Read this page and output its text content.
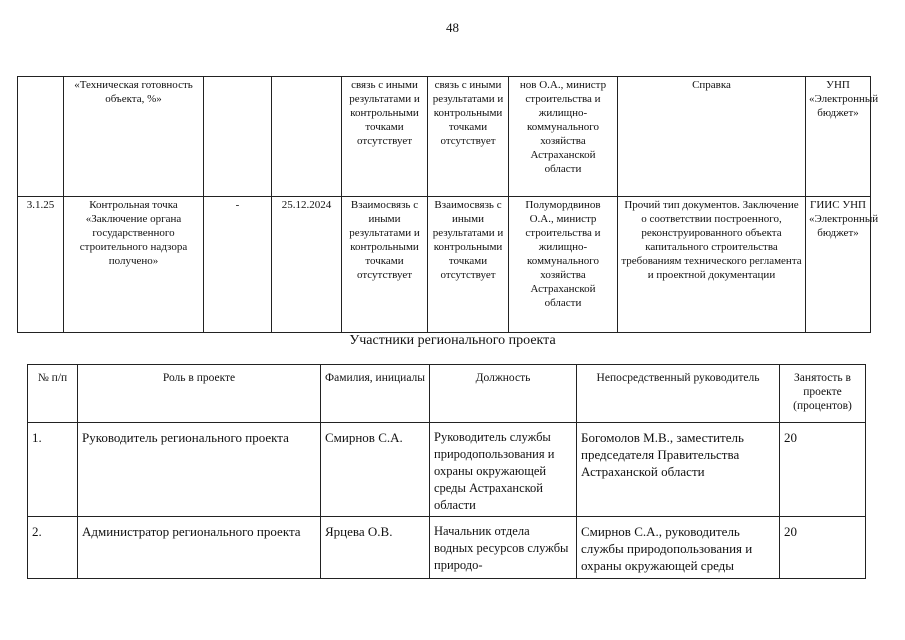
48
	«Техническая готовность объекта, %»			связь с иными результатами и контрольными точками отсутствует	связь с иными результатами и контрольными точками отсутствует	нов О.А., министр строительства и жилищно-коммунального хозяйства Астраханской области	Справка	УНП «Электронный бюджет»
3.1.25	Контрольная точка «Заключение органа государственного строительного надзора получено»	-	25.12.2024	Взаимосвязь с иными результатами и контрольными точками отсутствует	Взаимосвязь с иными результатами и контрольными точками отсутствует	Полумордвинов О.А., министр строительства и жилищно-коммунального хозяйства Астраханской области	Прочий тип документов. Заключение о соответствии построенного, реконструированного объекта капитального строительства требованиям технического регламента и проектной документации	ГИИС УНП «Электронный бюджет»
Участники регионального проекта
№ п/п	Роль в проекте	Фамилия, инициалы	Должность	Непосредственный руководитель	Занятость в проекте (процентов)
1.	Руководитель регионального проекта	Смирнов С.А.	Руководитель службы природопользования и охраны окружающей среды Астраханской области	Богомолов М.В., заместитель председателя Правительства Астраханской области	20
2.	Администратор регионального проекта	Ярцева О.В.	Начальник отдела водных ресурсов службы природо-	Смирнов С.А., руководитель службы природопользования и охраны окружающей среды	20
